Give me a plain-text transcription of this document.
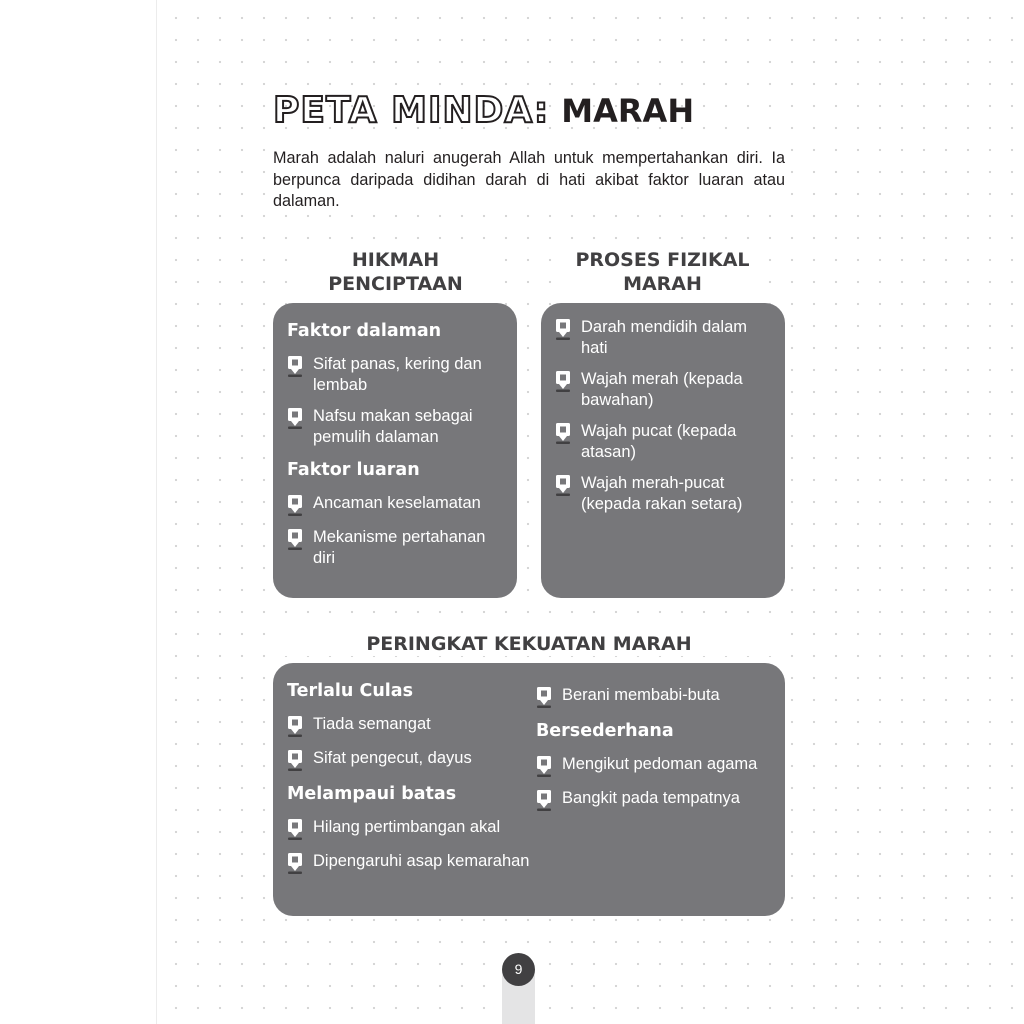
PETA MINDA: MARAH

Marah adalah naluri anugerah Allah untuk mempertahankan diri. Ia berpunca daripada didihan darah di hati akibat faktor luaran atau dalaman.

HIKMAH
PENCIPTAAN
PROSES FIZIKAL
MARAH
Faktor dalaman
Sifat panas, kering dan lembab
Nafsu makan sebagai pemulih dalaman
Faktor luaran
Ancaman keselamatan
Mekanisme pertahanan diri
Darah mendidih dalam hati
Wajah merah (kepada bawahan)
Wajah pucat (kepada atasan)
Wajah merah-pucat (kepada rakan setara)
PERINGKAT KEKUATAN MARAH
Terlalu Culas
Tiada semangat
Sifat pengecut, dayus
Melampaui batas
Hilang pertimbangan akal
Dipengaruhi asap kemarahan
Berani membabi-buta
Bersederhana
Mengikut pedoman agama
Bangkit pada tempatnya
9
